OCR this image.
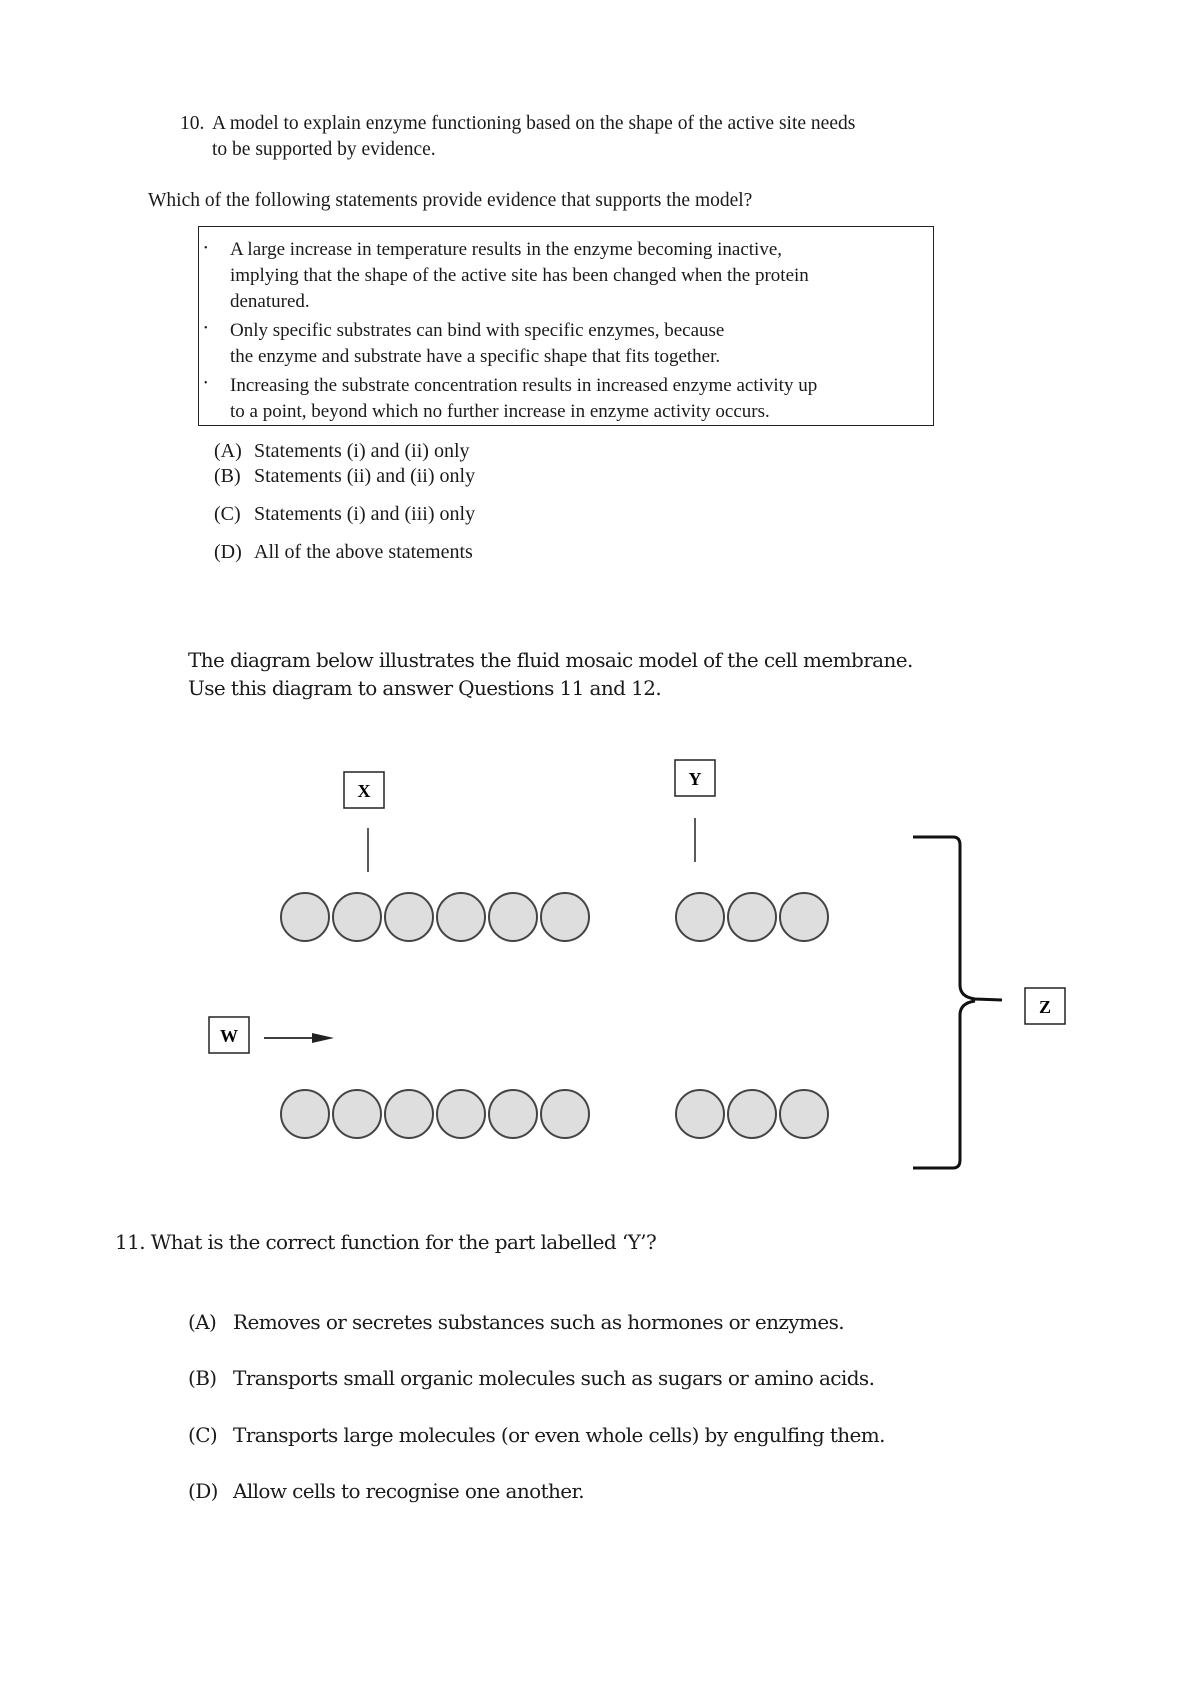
10. A model to explain enzyme functioning based on the shape of the active site needs
to be supported by evidence.
Which of the following statements provide evidence that supports the model?
• A large increase in temperature results in the enzyme becoming inactive,
implying that the shape of the active site has been changed when the protein
denatured.
• Only specific substrates can bind with specific enzymes, because
the enzyme and substrate have a specific shape that fits together.
• Increasing the substrate concentration results in increased enzyme activity up
to a point, beyond which no further increase in enzyme activity occurs.
(A) Statements (i) and (ii) only
(B) Statements (ii) and (ii) only
(C) Statements (i) and (iii) only
(D) All of the above statements
The diagram below illustrates the fluid mosaic model of the cell membrane.
Use this diagram to answer Questions 11 and 12.
X
Y
W
Z
11. What is the correct function for the part labelled ‘Y’?
(A) Removes or secretes substances such as hormones or enzymes.
(B) Transports small organic molecules such as sugars or amino acids.
(C) Transports large molecules (or even whole cells) by engulfing them.
(D) Allow cells to recognise one another.
